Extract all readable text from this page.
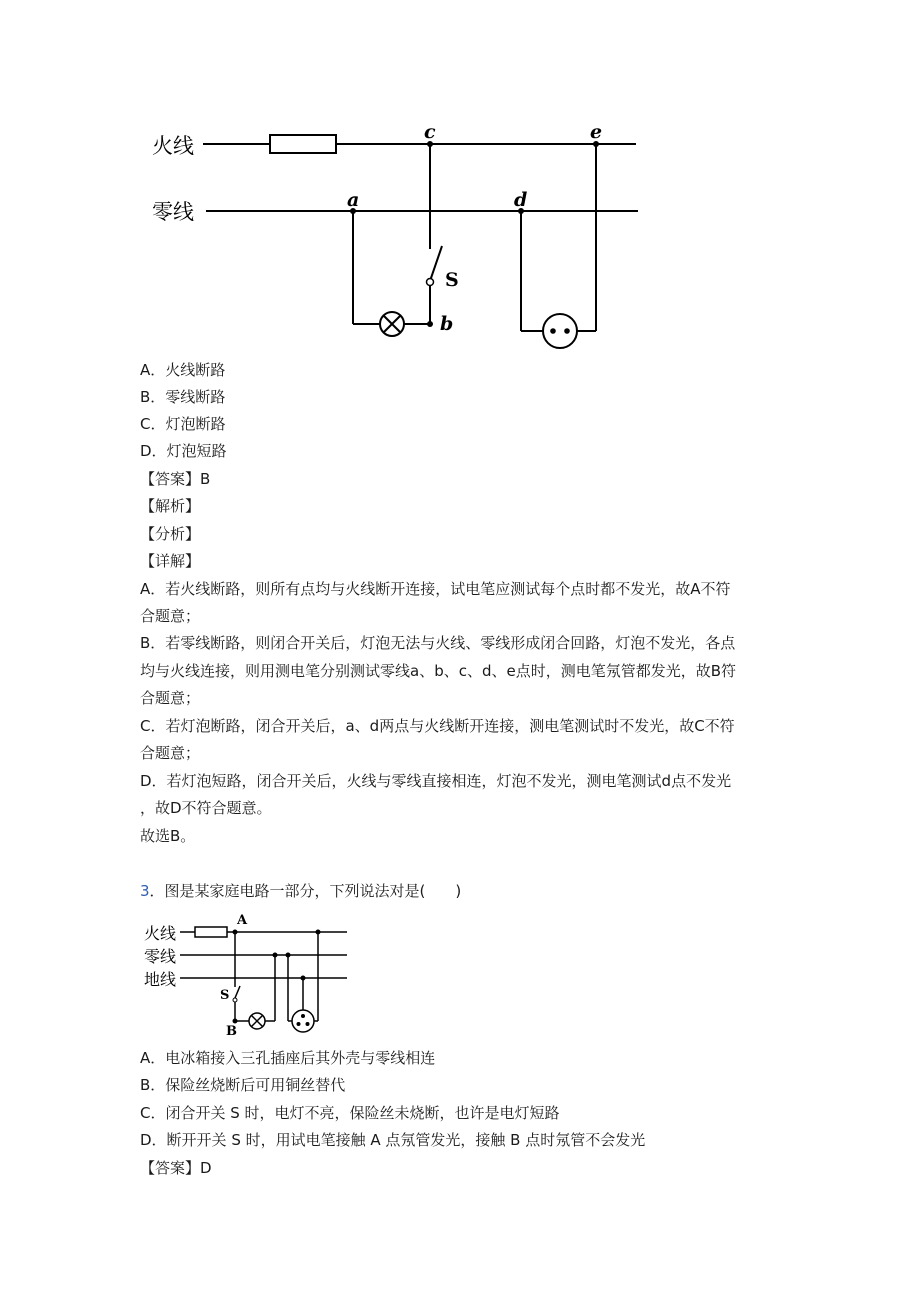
火线
零线
c	e
a	d
S
b
A．火线断路
B．零线断路
C．灯泡断路
D．灯泡短路
【答案】B
【解析】
【分析】
【详解】
A．若火线断路，则所有点均与火线断开连接，试电笔应测试每个点时都不发光，故A不符
合题意；
B．若零线断路，则闭合开关后，灯泡无法与火线、零线形成闭合回路，灯泡不发光，各点
均与火线连接，则用测电笔分别测试零线a、b、c、d、e点时，测电笔氖管都发光，故B符
合题意；
C．若灯泡断路，闭合开关后，a、d两点与火线断开连接，测电笔测试时不发光，故C不符
合题意；
D．若灯泡短路，闭合开关后，火线与零线直接相连，灯泡不发光，测电笔测试d点不发光
，故D不符合题意。
故选B。
3．图是某家庭电路一部分，下列说法对是(　　)
火线
零线
地线
A
S
B
A．电冰箱接入三孔插座后其外壳与零线相连
B．保险丝烧断后可用铜丝替代
C．闭合开关 S 时，电灯不亮，保险丝未烧断，也许是电灯短路
D．断开开关 S 时，用试电笔接触 A 点氖管发光，接触 B 点时氖管不会发光
【答案】D
